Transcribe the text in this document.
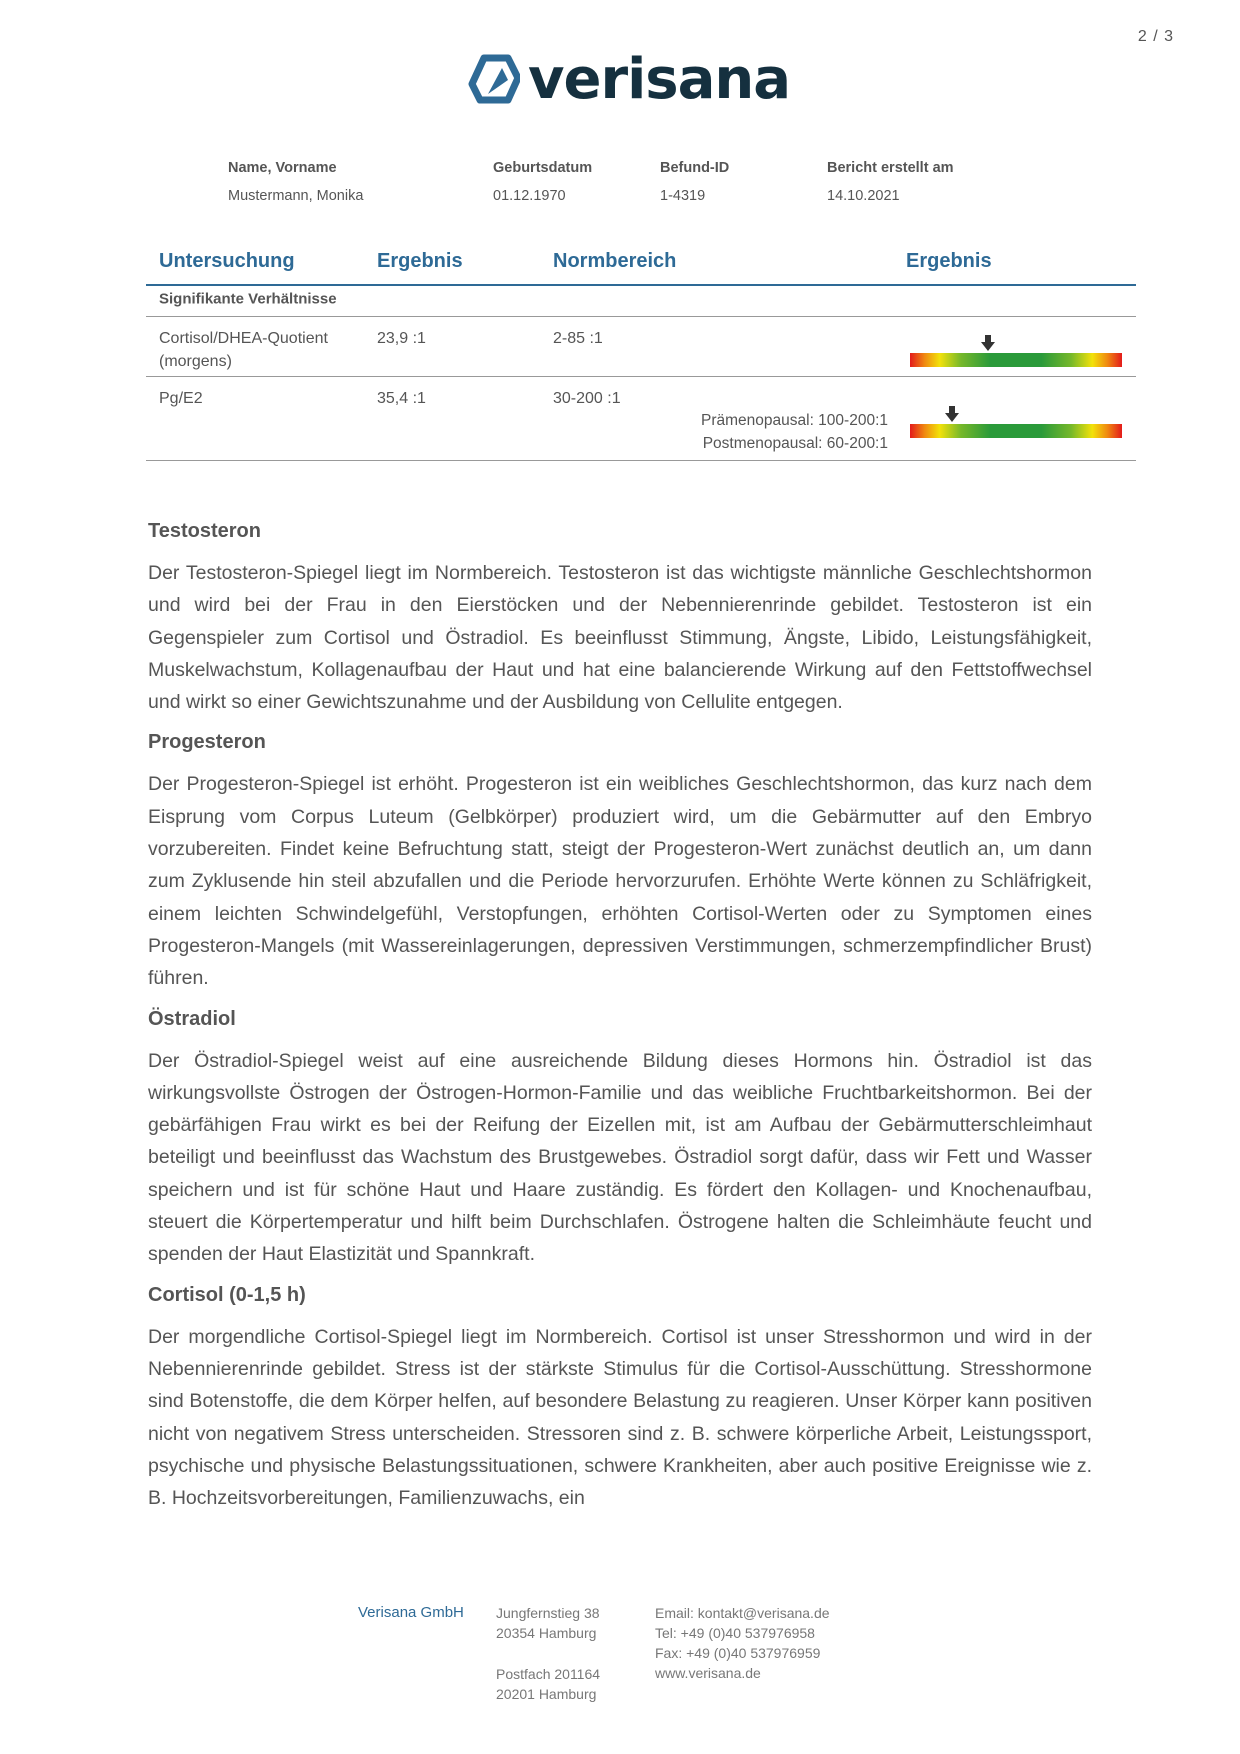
2 / 3
verisana
Name, Vorname
Mustermann, Monika
Geburtsdatum
01.12.1970
Befund-ID
1-4319
Bericht erstellt am
14.10.2021
Untersuchung	Ergebnis	Normbereich	Ergebnis
Signifikante Verhältnisse
Cortisol/DHEA-Quotient
(morgens)
23,9 :1	2-85 :1
Pg/E2	35,4 :1	30-200 :1
Prämenopausal: 100-200:1
Postmenopausal: 60-200:1
Testosteron

Der Testosteron-Spiegel liegt im Normbereich. Testosteron ist das wichtigste männliche Geschlechtshormon und wird bei der Frau in den Eierstöcken und der Nebennierenrinde gebildet. Testosteron ist ein Gegenspieler zum Cortisol und Östradiol. Es beeinflusst Stimmung, Ängste, Libido, Leistungsfähigkeit, Muskelwachstum, Kollagenaufbau der Haut und hat eine balancierende Wirkung auf den Fettstoffwechsel und wirkt so einer Gewichtszunahme und der Ausbildung von Cellulite entgegen.

Progesteron

Der Progesteron-Spiegel ist erhöht. Progesteron ist ein weibliches Geschlechtshormon, das kurz nach dem Eisprung vom Corpus Luteum (Gelbkörper) produziert wird, um die Gebärmutter auf den Embryo vorzubereiten. Findet keine Befruchtung statt, steigt der Progesteron-Wert zunächst deutlich an, um dann zum Zyklusende hin steil abzufallen und die Periode hervorzurufen. Erhöhte Werte können zu Schläfrigkeit, einem leichten Schwindelgefühl, Verstopfungen, erhöhten Cortisol-Werten oder zu Symptomen eines Progesteron-Mangels (mit Wassereinlagerungen, depressiven Verstimmungen, schmerzempfindlicher Brust) führen.

Östradiol

Der Östradiol-Spiegel weist auf eine ausreichende Bildung dieses Hormons hin. Östradiol ist das wirkungsvollste Östrogen der Östrogen-Hormon-Familie und das weibliche Fruchtbarkeitshormon. Bei der gebärfähigen Frau wirkt es bei der Reifung der Eizellen mit, ist am Aufbau der Gebärmutterschleimhaut beteiligt und beeinflusst das Wachstum des Brustgewebes. Östradiol sorgt dafür, dass wir Fett und Wasser speichern und ist für schöne Haut und Haare zuständig. Es fördert den Kollagen- und Knochenaufbau, steuert die Körpertemperatur und hilft beim Durchschlafen. Östrogene halten die Schleimhäute feucht und spenden der Haut Elastizität und Spannkraft.

Cortisol (0-1,5 h)

Der morgendliche Cortisol-Spiegel liegt im Normbereich. Cortisol ist unser Stresshormon und wird in der Nebennierenrinde gebildet. Stress ist der stärkste Stimulus für die Cortisol-Ausschüttung. Stresshormone sind Botenstoffe, die dem Körper helfen, auf besondere Belastung zu reagieren. Unser Körper kann positiven nicht von negativem Stress unterscheiden. Stressoren sind z. B. schwere körperliche Arbeit, Leistungssport, psychische und physische Belastungssituationen, schwere Krankheiten, aber auch positive Ereignisse wie z. B. Hochzeitsvorbereitungen, Familienzuwachs, ein

Verisana GmbH Jungfernstieg 38
20354 Hamburg
Postfach 201164
20201 Hamburg
Email: kontakt@verisana.de
Tel: +49 (0)40 537976958
Fax: +49 (0)40 537976959
www.verisana.de
